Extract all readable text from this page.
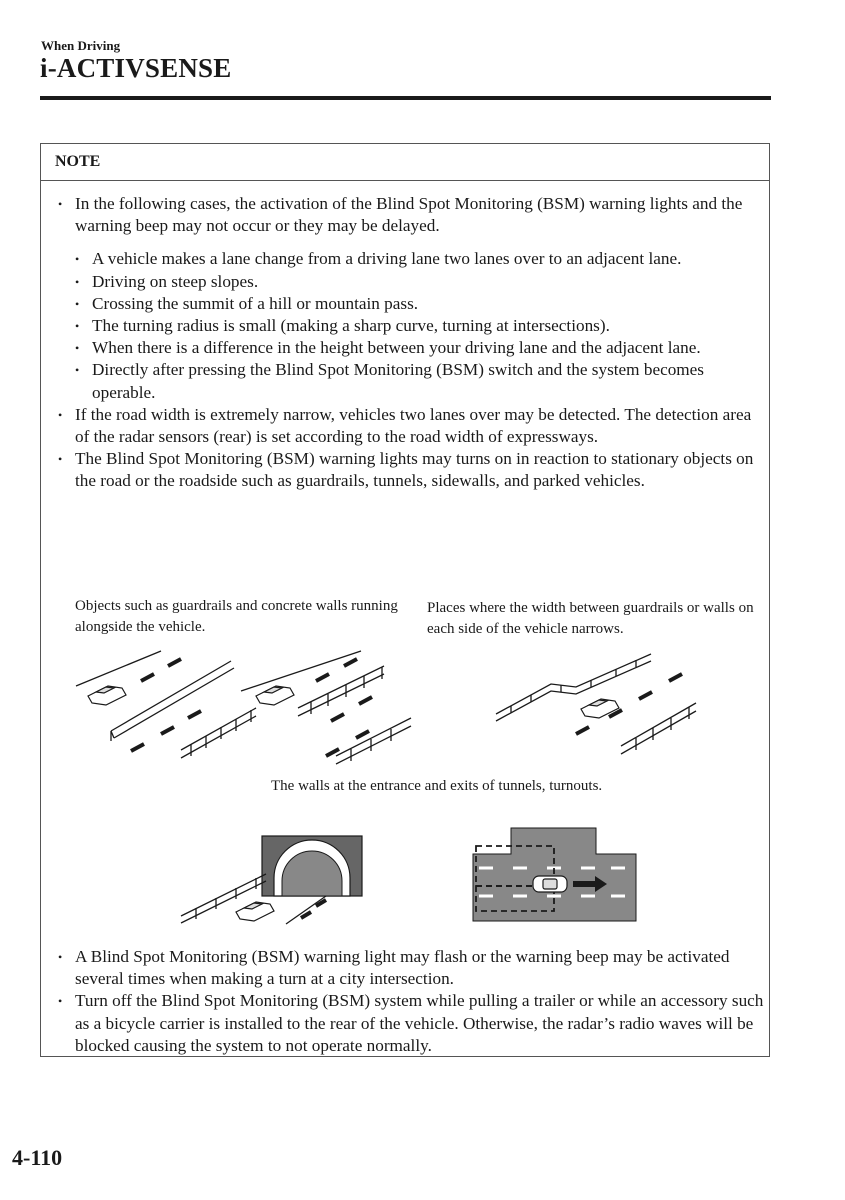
When Driving
i-ACTIVSENSE
NOTE
• In the following cases, the activation of the Blind Spot Monitoring (BSM) warning lights and the warning beep may not occur or they may be delayed.
• A vehicle makes a lane change from a driving lane two lanes over to an adjacent lane.
• Driving on steep slopes.
• Crossing the summit of a hill or mountain pass.
• The turning radius is small (making a sharp curve, turning at intersections).
• When there is a difference in the height between your driving lane and the adjacent lane.
• Directly after pressing the Blind Spot Monitoring (BSM) switch and the system becomes operable.
• If the road width is extremely narrow, vehicles two lanes over may be detected. The detection area of the radar sensors (rear) is set according to the road width of expressways.
• The Blind Spot Monitoring (BSM) warning lights may turns on in reaction to stationary objects on the road or the roadside such as guardrails, tunnels, sidewalls, and parked vehicles.
Objects such as guardrails and concrete walls running alongside the vehicle.
Places where the width between guardrails or walls on each side of the vehicle narrows.
The walls at the entrance and exits of tunnels, turnouts.
• A Blind Spot Monitoring (BSM) warning light may flash or the warning beep may be activated several times when making a turn at a city intersection.
• Turn off the Blind Spot Monitoring (BSM) system while pulling a trailer or while an accessory such as a bicycle carrier is installed to the rear of the vehicle. Otherwise, the radar’s radio waves will be blocked causing the system to not operate normally.
4-110
